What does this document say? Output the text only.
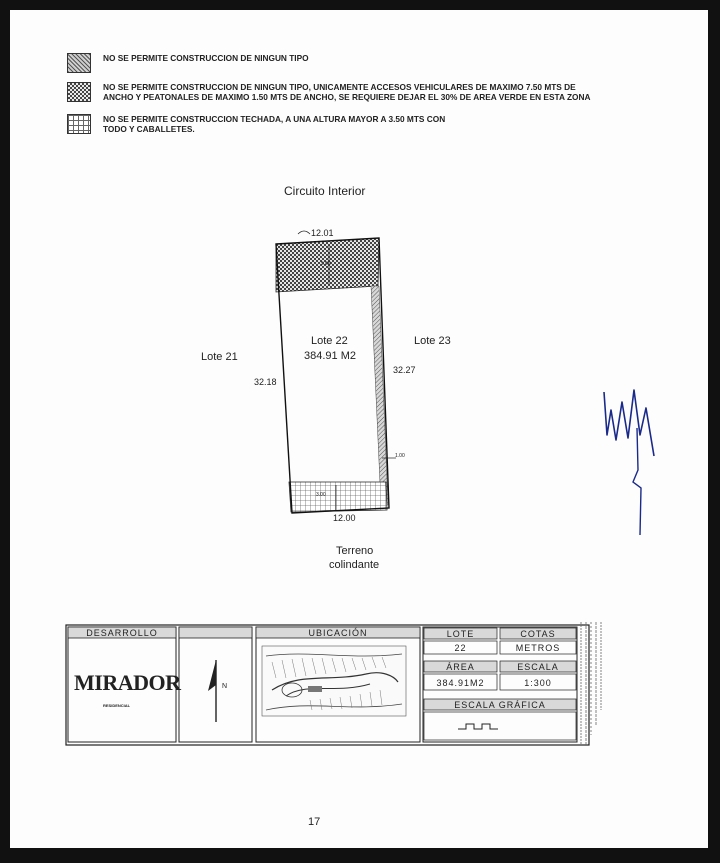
NO SE PERMITE CONSTRUCCION DE NINGUN TIPO
NO SE PERMITE CONSTRUCCION DE NINGUN TIPO, UNICAMENTE ACCESOS VEHICULARES DE MAXIMO 7.50 MTS DE
ANCHO Y PEATONALES DE MAXIMO 1.50 MTS DE ANCHO, SE REQUIERE DEJAR EL 30% DE AREA VERDE EN ESTA ZONA
NO SE PERMITE CONSTRUCCION TECHADA, A UNA ALTURA MAYOR A 3.50 MTS CON
TODO Y CABALLETES.
Circuito Interior
12.01
5.00
Lote 22
384.91 M2
Lote 21
Lote 23
32.18
32.27
1.00
3.00
12.00
Terreno
colindante
DESARROLLO	UBICACIÓN	LOTE	COTAS
22	METROS
ÁREA	ESCALA
384.91M2	1:300
ESCALA GRÁFICA
MIRADOR
RESIDENCIAL
N
17
